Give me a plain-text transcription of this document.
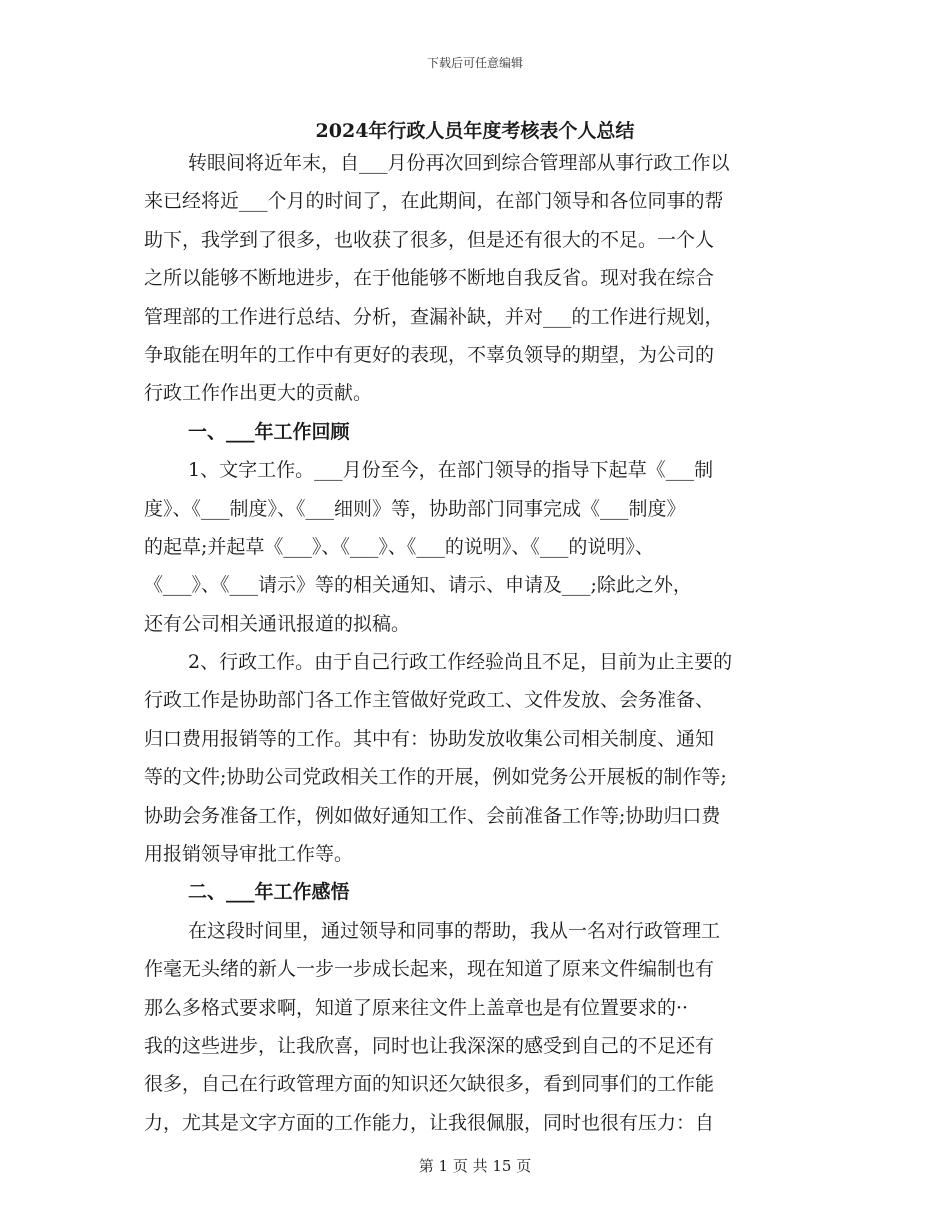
下载后可任意编辑
2024年行政人员年度考核表个人总结
转眼间将近年末，自___月份再次回到综合管理部从事行政工作以
来已经将近___个月的时间了，在此期间，在部门领导和各位同事的帮
助下，我学到了很多，也收获了很多，但是还有很大的不足。一个人
之所以能够不断地进步，在于他能够不断地自我反省。现对我在综合
管理部的工作进行总结、分析，查漏补缺，并对___的工作进行规划，
争取能在明年的工作中有更好的表现，不辜负领导的期望，为公司的
行政工作作出更大的贡献。
一、___年工作回顾
1、文字工作。___月份至今，在部门领导的指导下起草《___制
度》、《___制度》、《___细则》等，协助部门同事完成《___制度》
的起草;并起草《___》、《___》、《___的说明》、《___的说明》、
《___》、《___请示》等的相关通知、请示、申请及___;除此之外，
还有公司相关通讯报道的拟稿。
2、行政工作。由于自己行政工作经验尚且不足，目前为止主要的
行政工作是协助部门各工作主管做好党政工、文件发放、会务准备、
归口费用报销等的工作。其中有：协助发放收集公司相关制度、通知
等的文件;协助公司党政相关工作的开展，例如党务公开展板的制作等;
协助会务准备工作，例如做好通知工作、会前准备工作等;协助归口费
用报销领导审批工作等。
二、___年工作感悟
在这段时间里，通过领导和同事的帮助，我从一名对行政管理工
作毫无头绪的新人一步一步成长起来，现在知道了原来文件编制也有
那么多格式要求啊，知道了原来往文件上盖章也是有位置要求的··
我的这些进步，让我欣喜，同时也让我深深的感受到自己的不足还有
很多，自己在行政管理方面的知识还欠缺很多，看到同事们的工作能
力，尤其是文字方面的工作能力，让我很佩服，同时也很有压力：自
第 1 页 共 15 页
